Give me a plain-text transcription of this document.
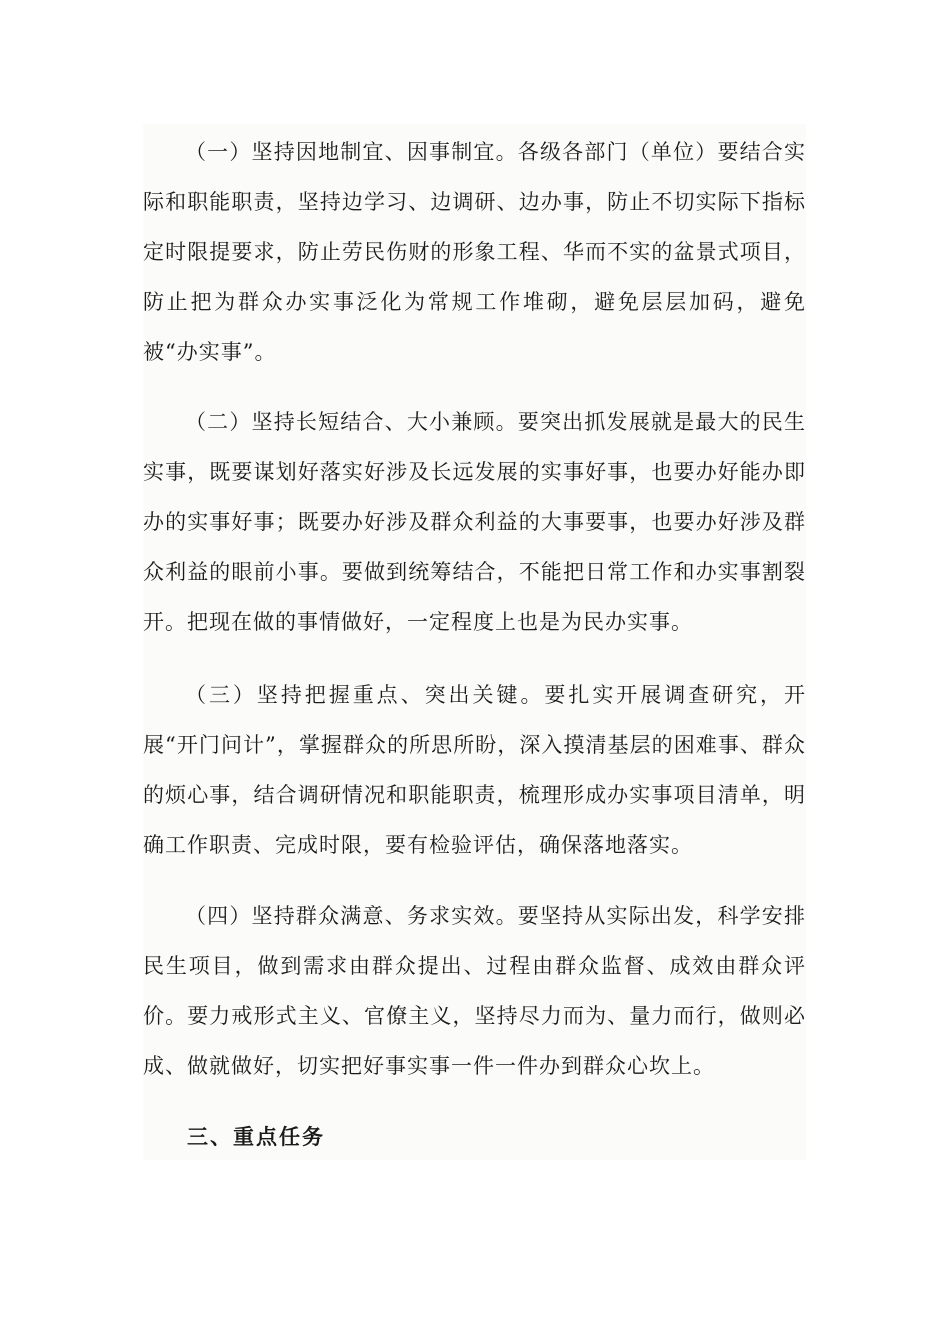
（一）坚持因地制宜、因事制宜。各级各部门（单位）要结合实际和职能职责，坚持边学习、边调研、边办事，防止不切实际下指标定时限提要求，防止劳民伤财的形象工程、华而不实的盆景式项目，防止把为群众办实事泛化为常规工作堆砌，避免层层加码，避免被“办实事”。

（二）坚持长短结合、大小兼顾。要突出抓发展就是最大的民生实事，既要谋划好落实好涉及长远发展的实事好事，也要办好能办即办的实事好事；既要办好涉及群众利益的大事要事，也要办好涉及群众利益的眼前小事。要做到统筹结合，不能把日常工作和办实事割裂开。把现在做的事情做好，一定程度上也是为民办实事。

（三）坚持把握重点、突出关键。要扎实开展调查研究，开展“开门问计”，掌握群众的所思所盼，深入摸清基层的困难事、群众的烦心事，结合调研情况和职能职责，梳理形成办实事项目清单，明确工作职责、完成时限，要有检验评估，确保落地落实。

（四）坚持群众满意、务求实效。要坚持从实际出发，科学安排民生项目，做到需求由群众提出、过程由群众监督、成效由群众评价。要力戒形式主义、官僚主义，坚持尽力而为、量力而行，做则必成、做就做好，切实把好事实事一件一件办到群众心坎上。

三、重点任务
